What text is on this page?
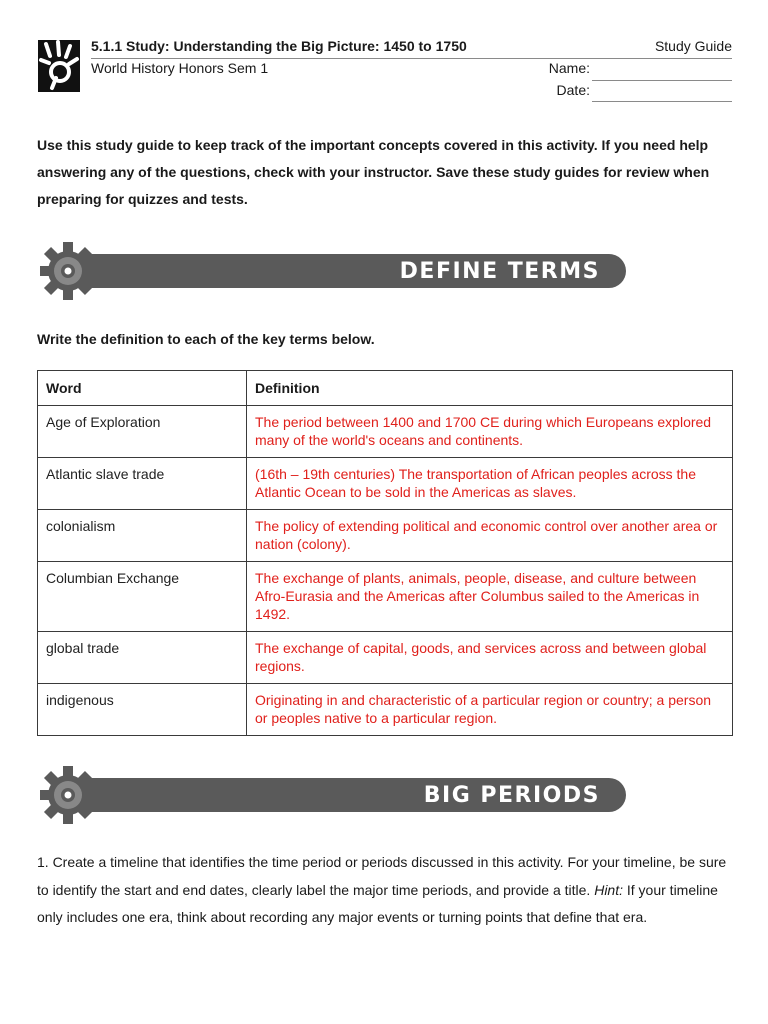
5.1.1 Study: Understanding the Big Picture: 1450 to 1750	Study Guide
World History Honors Sem 1	Name:
Date:
Use this study guide to keep track of the important concepts covered in this activity. If you need help answering any of the questions, check with your instructor. Save these study guides for review when preparing for quizzes and tests.
DEFINE TERMS
Write the definition to each of the key terms below.
Word	Definition
Age of Exploration	The period between 1400 and 1700 CE during which Europeans explored many of the world's oceans and continents.
Atlantic slave trade	(16th – 19th centuries) The transportation of African peoples across the Atlantic Ocean to be sold in the Americas as slaves.
colonialism	The policy of extending political and economic control over another area or nation (colony).
Columbian Exchange	The exchange of plants, animals, people, disease, and culture between Afro-Eurasia and the Americas after Columbus sailed to the Americas in 1492.
global trade	The exchange of capital, goods, and services across and between global regions.
indigenous	Originating in and characteristic of a particular region or country; a person or peoples native to a particular region.
BIG PERIODS
1. Create a timeline that identifies the time period or periods discussed in this activity. For your timeline, be sure to identify the start and end dates, clearly label the major time periods, and provide a title. Hint: If your timeline only includes one era, think about recording any major events or turning points that define that era.
